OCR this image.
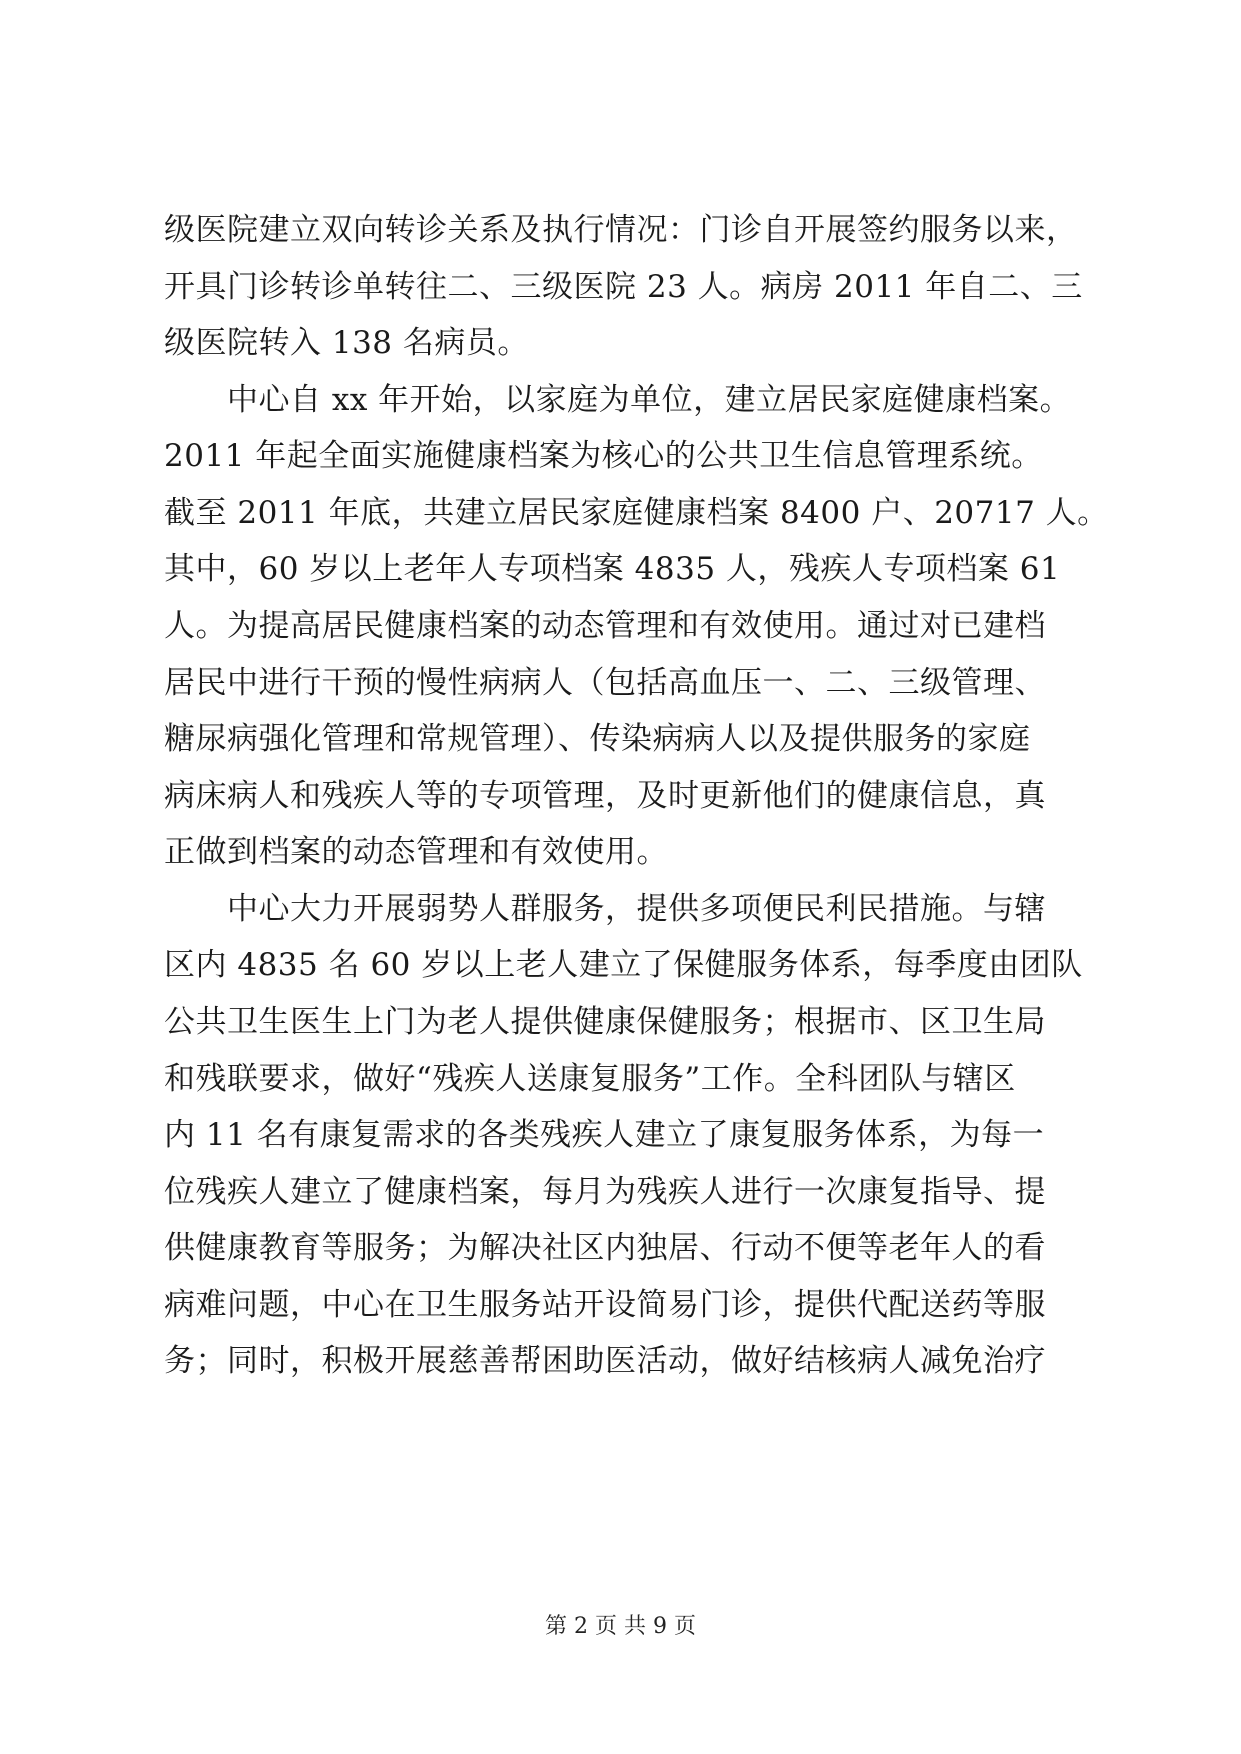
级医院建立双向转诊关系及执行情况：门诊自开展签约服务以来，
开具门诊转诊单转往二、三级医院 23 人。病房 2011 年自二、三
级医院转入 138 名病员。
　　中心自 xx 年开始，以家庭为单位，建立居民家庭健康档案。
2011 年起全面实施健康档案为核心的公共卫生信息管理系统。
截至 2011 年底，共建立居民家庭健康档案 8400 户、20717 人。
其中，60 岁以上老年人专项档案 4835 人，残疾人专项档案 61
人。为提高居民健康档案的动态管理和有效使用。通过对已建档
居民中进行干预的慢性病病人（包括高血压一、二、三级管理、
糖尿病强化管理和常规管理）、传染病病人以及提供服务的家庭
病床病人和残疾人等的专项管理，及时更新他们的健康信息，真
正做到档案的动态管理和有效使用。
　　中心大力开展弱势人群服务，提供多项便民利民措施。与辖
区内 4835 名 60 岁以上老人建立了保健服务体系，每季度由团队
公共卫生医生上门为老人提供健康保健服务；根据市、区卫生局
和残联要求，做好“残疾人送康复服务”工作。全科团队与辖区
内 11 名有康复需求的各类残疾人建立了康复服务体系，为每一
位残疾人建立了健康档案，每月为残疾人进行一次康复指导、提
供健康教育等服务；为解决社区内独居、行动不便等老年人的看
病难问题，中心在卫生服务站开设简易门诊，提供代配送药等服
务；同时，积极开展慈善帮困助医活动，做好结核病人减免治疗
第 2 页 共 9 页
